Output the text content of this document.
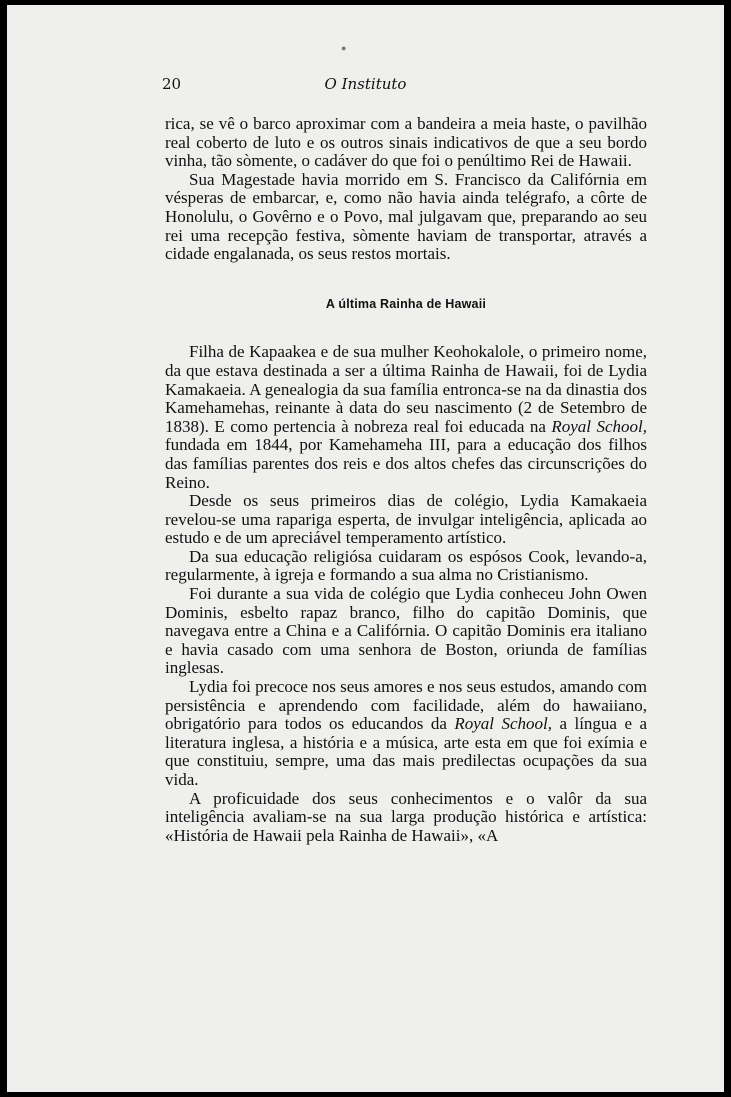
●
O Instituto
20

rica, se vê o barco aproximar com a bandeira a meia haste, o pavilhão real coberto de luto e os outros sinais indicativos de que a seu bordo vinha, tão sòmente, o cadáver do que foi o penúltimo Rei de Hawaii.

Sua Magestade havia morrido em S. Francisco da Califórnia em vésperas de embarcar, e, como não havia ainda telégrafo, a côrte de Honolulu, o Govêrno e o Povo, mal julgavam que, preparando ao seu rei uma recepção festiva, sòmente haviam de transportar, através a cidade engalanada, os seus restos mortais.

A última Rainha de Hawaii

Filha de Kapaakea e de sua mulher Keohokalole, o primeiro nome, da que estava destinada a ser a última Rainha de Hawaii, foi de Lydia Kamakaeia. A genealogia da sua família entronca-se na da dinastia dos Kamehamehas, reinante à data do seu nascimento (2 de Setembro de 1838). E como pertencia à nobreza real foi educada na Royal School, fundada em 1844, por Kamehameha III, para a educação dos filhos das famílias parentes dos reis e dos altos chefes das circunscrições do Reino.

Desde os seus primeiros dias de colégio, Lydia Kamakaeia revelou-se uma rapariga esperta, de invulgar inteligência, aplicada ao estudo e de um apreciável temperamento artístico.

Da sua educação religiósa cuidaram os espósos Cook, levando-a, regularmente, à igreja e formando a sua alma no Cristianismo.

Foi durante a sua vida de colégio que Lydia conheceu John Owen Dominis, esbelto rapaz branco, filho do capitão Dominis, que navegava entre a China e a Califórnia. O capitão Dominis era italiano e havia casado com uma senhora de Boston, oriunda de famílias inglesas.

Lydia foi precoce nos seus amores e nos seus estudos, amando com persistência e aprendendo com facilidade, além do hawaiiano, obrigatório para todos os educandos da Royal School, a língua e a literatura inglesa, a história e a música, arte esta em que foi exímia e que constituiu, sempre, uma das mais predilectas ocupações da sua vida.

A proficuidade dos seus conhecimentos e o valôr da sua inteligência avaliam-se na sua larga produção histórica e artística: «História de Hawaii pela Rainha de Hawaii», «A
